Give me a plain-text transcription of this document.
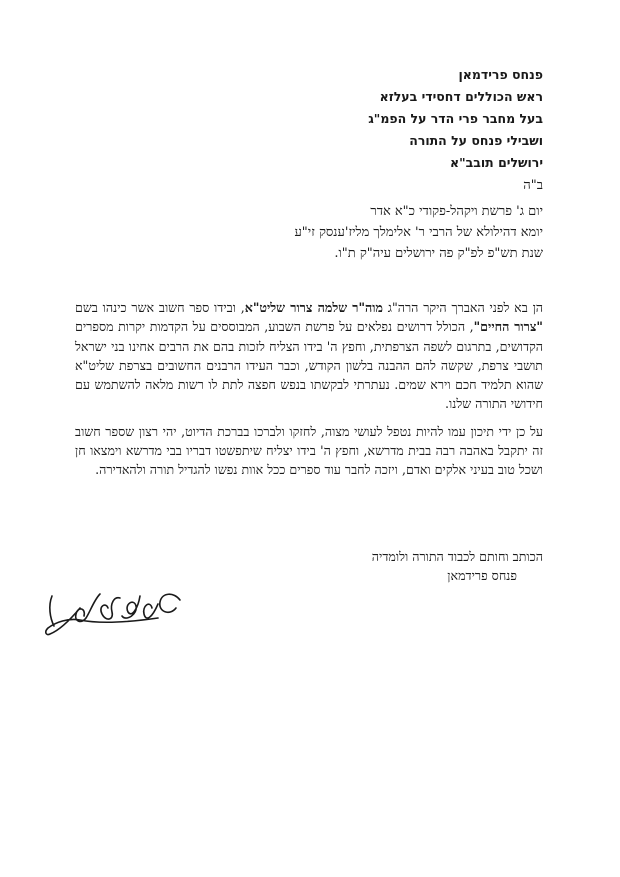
פנחס פרידמאן
ראש הכוללים דחסידי בעלזא
בעל מחבר פרי הדר על הפמ"ג
ושבילי פנחס על התורה
ירושלים תובב"א
ב"ה
יום ג' פרשת ויקהל-פקודי כ"א אדר
יומא דהילולא של הרבי ר' אלימלך מליז'ענסק זי"ע
שנת תש"פ לפ"ק פה ירושלים עיה"ק ת"ו.

הן בא לפני האברך היקר הרה"ג מוה"ר שלמה צרור שליט"א, ובידו ספר חשוב אשר כינהו בשם "צרור החיים", הכולל דרושים נפלאים על פרשת השבוע, המבוססים על הקדמות יקרות מספרים הקדושים, בתרגום לשפה הצרפתית, וחפץ ה' בידו הצליח לזכות בהם את הרבים אחינו בני ישראל תושבי צרפת, שקשה להם ההבנה בלשון הקודש, וכבר העידו הרבנים החשובים בצרפת שליט"א שהוא תלמיד חכם וירא שמים. נעתרתי לבקשתו בנפש חפצה לתת לו רשות מלאה להשתמש עם חידושי התורה שלנו.

על כן ידי תיכון עמו להיות נטפל לעושי מצוה, לחזקו ולברכו בברכת הדיוט, יהי רצון שספר חשוב זה יתקבל באהבה רבה בבית מדרשא, וחפץ ה' בידו יצליח שיתפשטו דבריו בבי מדרשא וימצאו חן ושכל טוב בעיני אלקים ואדם, ויזכה לחבר עוד ספרים ככל אוות נפשו להגדיל תורה ולהאדירה.

הכותב וחותם לכבוד התורה ולומדיה
פנחס פרידמאן
